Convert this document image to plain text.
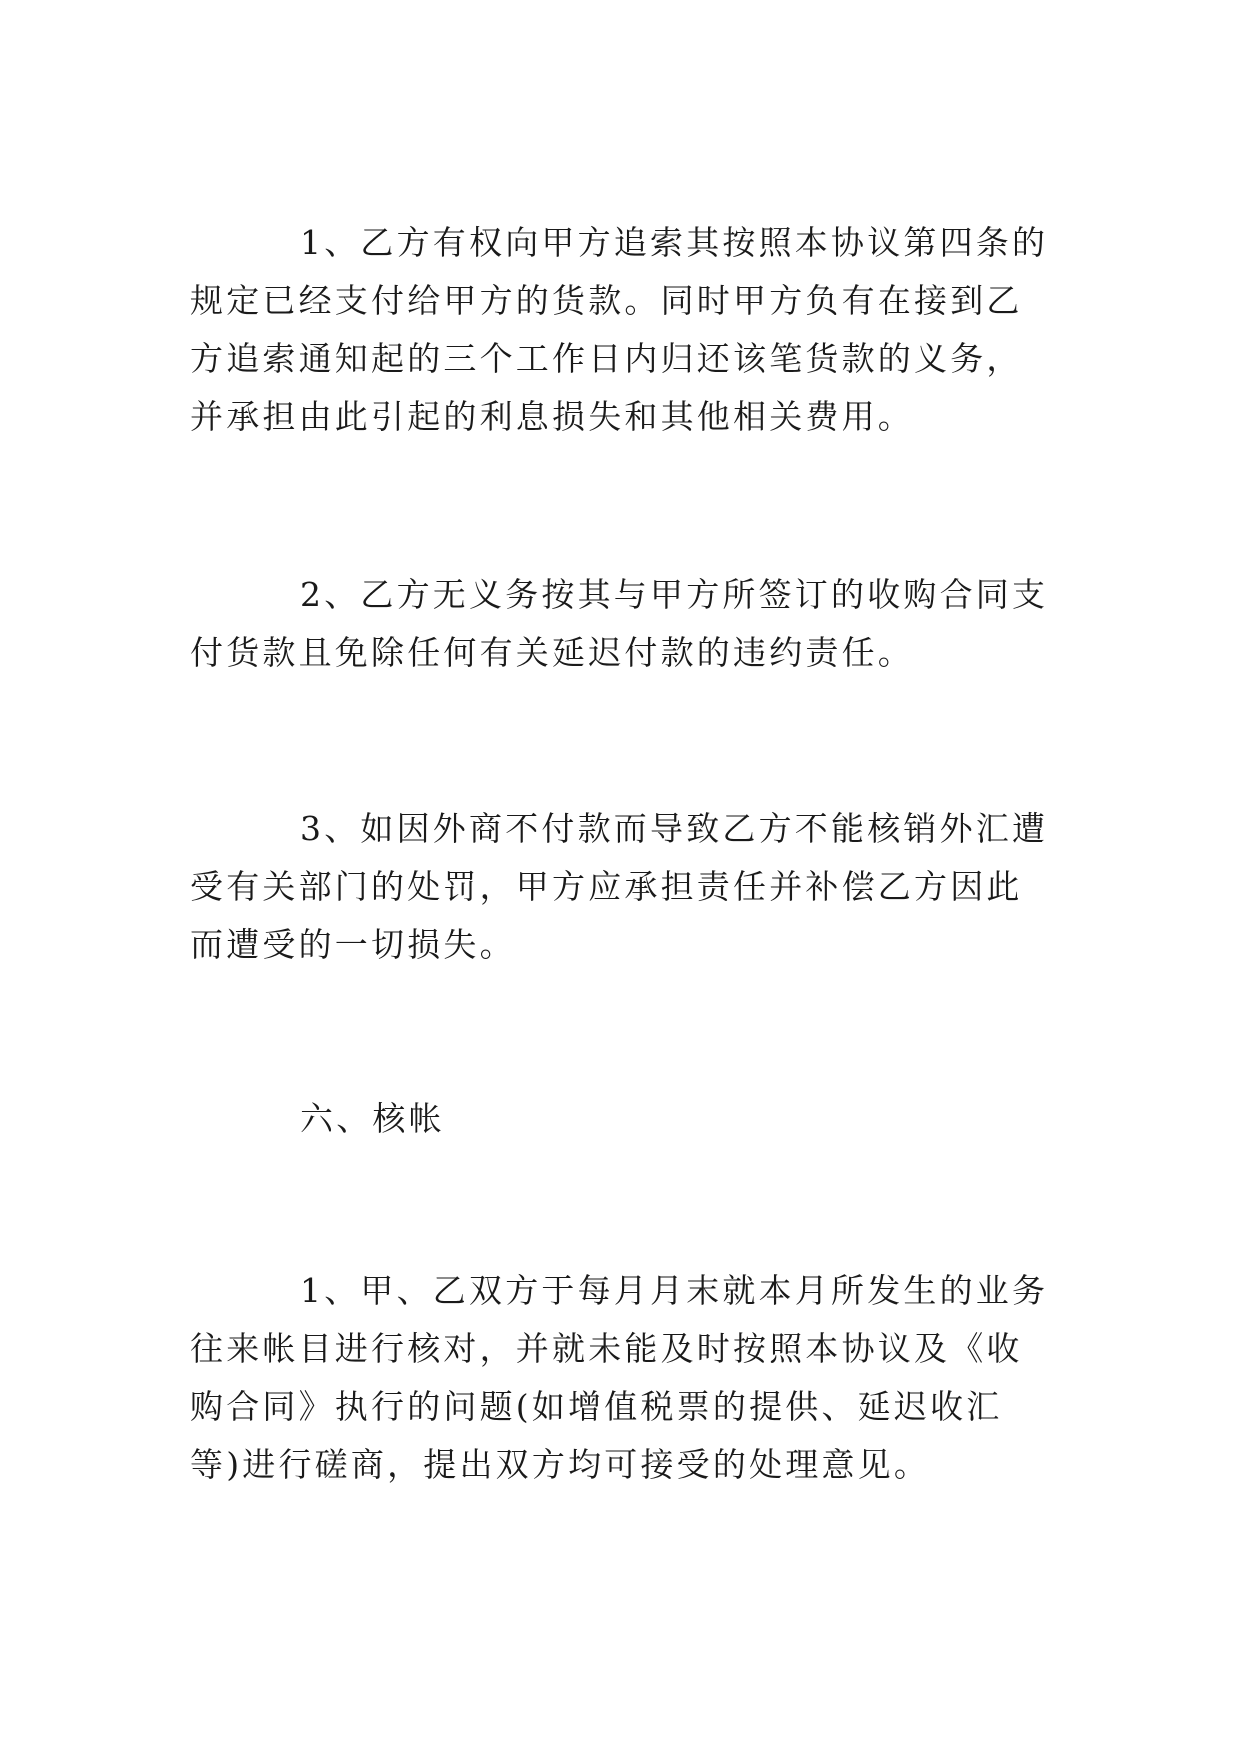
1、乙方有权向甲方追索其按照本协议第四条的规定已经支付给甲方的货款。同时甲方负有在接到乙方追索通知起的三个工作日内归还该笔货款的义务，并承担由此引起的利息损失和其他相关费用。

2、乙方无义务按其与甲方所签订的收购合同支付货款且免除任何有关延迟付款的违约责任。

3、如因外商不付款而导致乙方不能核销外汇遭受有关部门的处罚，甲方应承担责任并补偿乙方因此而遭受的一切损失。

六、核帐

1、甲、乙双方于每月月末就本月所发生的业务往来帐目进行核对，并就未能及时按照本协议及《收购合同》执行的问题(如增值税票的提供、延迟收汇等)进行磋商，提出双方均可接受的处理意见。
